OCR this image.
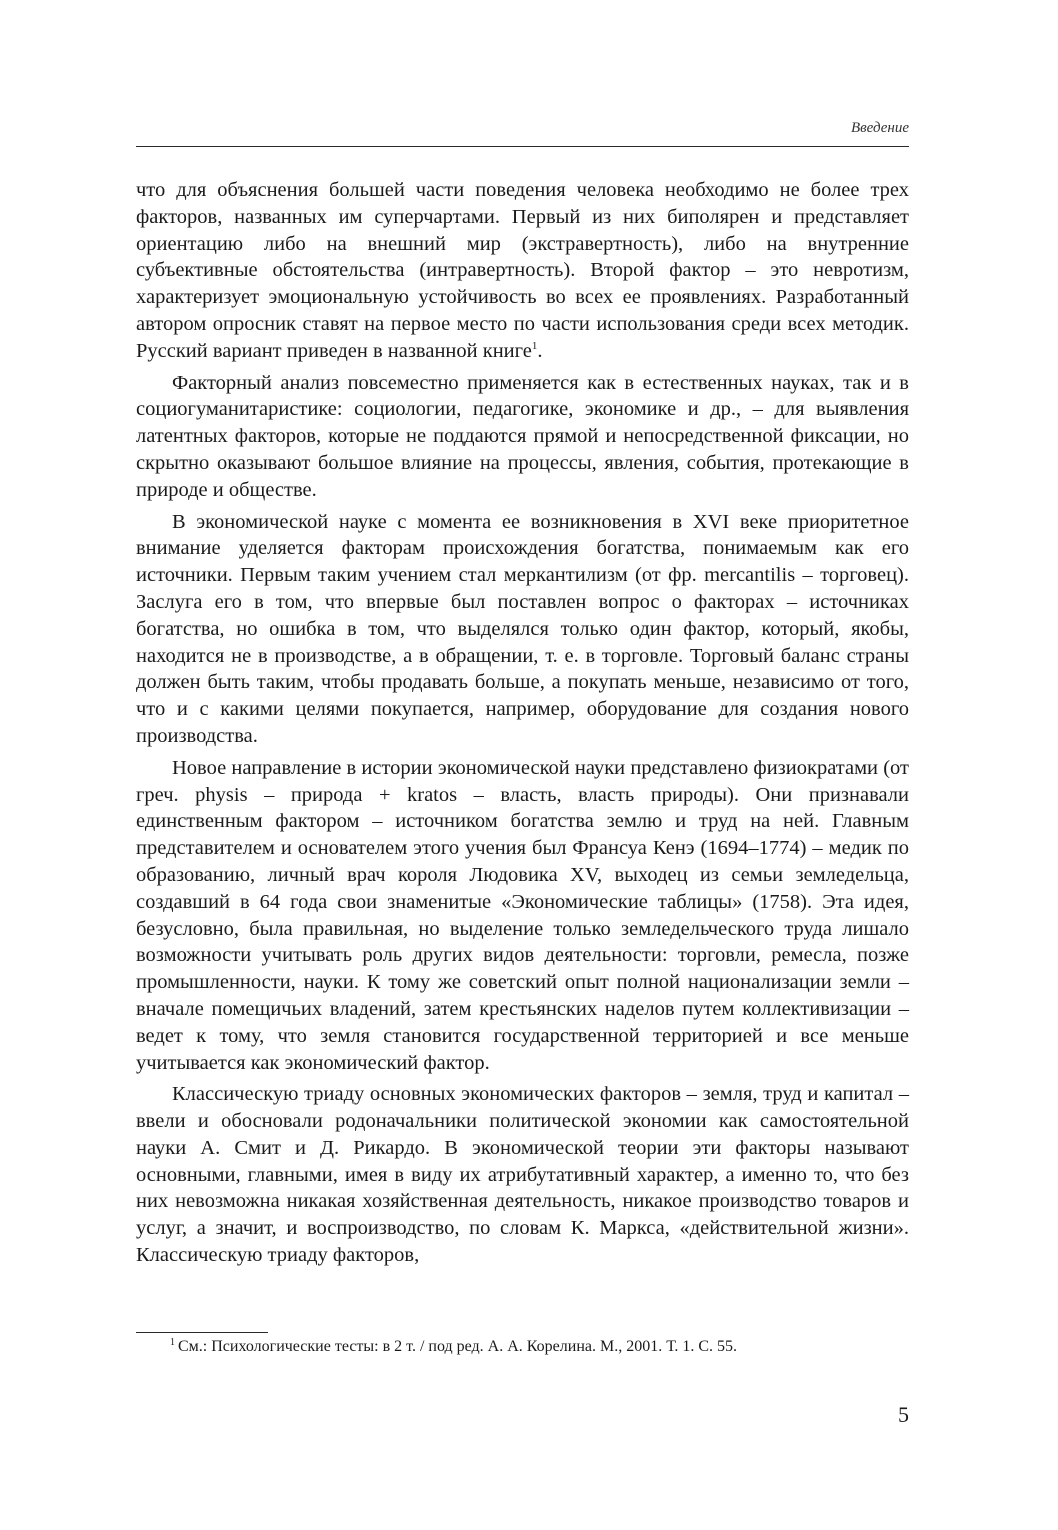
Введение

что для объяснения большей части поведения человека необходимо не более трех факторов, названных им суперчартами. Первый из них биполярен и представляет ориентацию либо на внешний мир (экстравертность), либо на внутренние субъективные обстоятельства (интравертность). Второй фактор – это невротизм, характеризует эмоциональную устойчивость во всех ее проявлениях. Разработанный автором опросник ставят на первое место по части использования среди всех методик. Русский вариант приведен в названной книге$^1$.

Факторный анализ повсеместно применяется как в естественных науках, так и в социогуманитаристике: социологии, педагогике, экономике и др., – для выявления латентных факторов, которые не поддаются прямой и непосредственной фиксации, но скрытно оказывают большое влияние на процессы, явления, события, протекающие в природе и обществе.

В экономической науке с момента ее возникновения в XVI веке приоритетное внимание уделяется факторам происхождения богатства, понимаемым как его источники. Первым таким учением стал меркантилизм (от фр. mercantilis – торговец). Заслуга его в том, что впервые был поставлен вопрос о факторах – источниках богатства, но ошибка в том, что выделялся только один фактор, который, якобы, находится не в производстве, а в обращении, т. е. в торговле. Торговый баланс страны должен быть таким, чтобы продавать больше, а покупать меньше, независимо от того, что и с какими целями покупается, например, оборудование для создания нового производства.

Новое направление в истории экономической науки представлено физиократами (от греч. physis – природа + kratos – власть, власть природы). Они признавали единственным фактором – источником богатства землю и труд на ней. Главным представителем и основателем этого учения был Франсуа Кенэ (1694–1774) – медик по образованию, личный врач короля Людовика XV, выходец из семьи земледельца, создавший в 64 года свои знаменитые «Экономические таблицы» (1758). Эта идея, безусловно, была правильная, но выделение только земледельческого труда лишало возможности учитывать роль других видов деятельности: торговли, ремесла, позже промышленности, науки. К тому же советский опыт полной национализации земли – вначале помещичьих владений, затем крестьянских наделов путем коллективизации – ведет к тому, что земля становится государственной территорией и все меньше учитывается как экономический фактор.

Классическую триаду основных экономических факторов – земля, труд и капитал – ввели и обосновали родоначальники политической экономии как самостоятельной науки А. Смит и Д. Рикардо. В экономической теории эти факторы называют основными, главными, имея в виду их атрибутативный характер, а именно то, что без них невозможна никакая хозяйственная деятельность, никакое производство товаров и услуг, а значит, и воспроизводство, по словам К. Маркса, «действительной жизни». Классическую триаду факторов,

$^1$ См.: Психологические тесты: в 2 т. / под ред. А. А. Корелина. М., 2001. Т. 1. С. 55.
5
